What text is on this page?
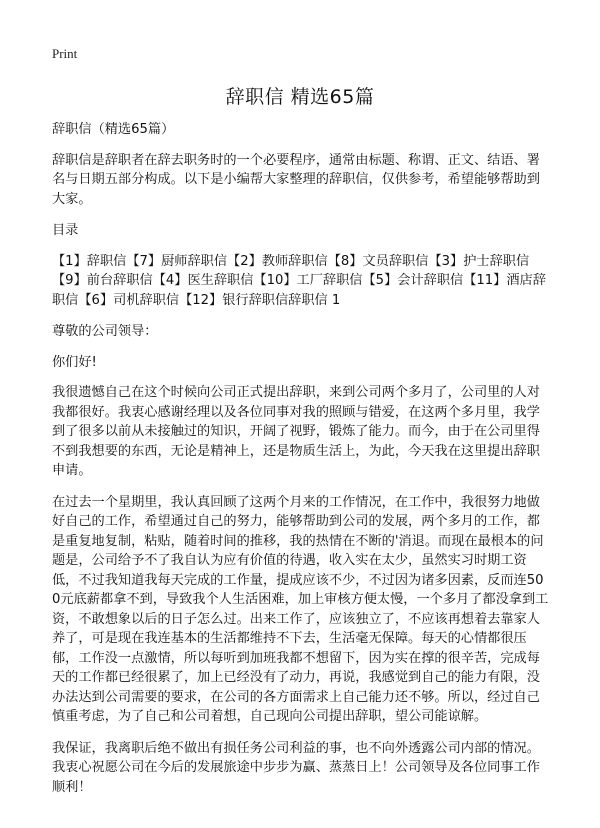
Print
辞职信 精选65篇

辞职信（精选65篇）

辞职信是辞职者在辞去职务时的一个必要程序，通常由标题、称谓、正文、结语、署名与日期五部分构成。以下是小编帮大家整理的辞职信，仅供参考，希望能够帮助到大家。

目录

【1】辞职信【7】厨师辞职信【2】教师辞职信【8】文员辞职信【3】护士辞职信【9】前台辞职信【4】医生辞职信【10】工厂辞职信【5】会计辞职信【11】酒店辞职信【6】司机辞职信【12】银行辞职信辞职信 1

尊敬的公司领导：

你们好!

我很遗憾自己在这个时候向公司正式提出辞职，来到公司两个多月了，公司里的人对我都很好。我衷心感谢经理以及各位同事对我的照顾与错爱，在这两个多月里，我学到了很多以前从未接触过的知识，开阔了视野，锻炼了能力。而今，由于在公司里得不到我想要的东西，无论是精神上，还是物质生活上，为此，今天我在这里提出辞职申请。

在过去一个星期里，我认真回顾了这两个月来的工作情况，在工作中，我很努力地做好自己的工作，希望通过自己的努力，能够帮助到公司的发展，两个多月的工作，都是重复地复制，粘贴，随着时间的推移，我的热情在不断的'消退。而现在最根本的问题是，公司给予不了我自认为应有价值的待遇，收入实在太少，虽然实习时期工资低，不过我知道我每天完成的工作量，提成应该不少，不过因为诸多因素，反而连500元底薪都拿不到，导致我个人生活困难，加上审核方便太慢，一个多月了都没拿到工资，不敢想象以后的日子怎么过。出来工作了，应该独立了，不应该再想着去靠家人养了，可是现在我连基本的生活都维持不下去，生活毫无保障。每天的心情都很压郁，工作没一点激情，所以每听到加班我都不想留下，因为实在撑的很辛苦，完成每天的工作都已经很累了，加上已经没有了动力，再说，我感觉到自己的能力有限，没办法达到公司需要的要求，在公司的各方面需求上自己能力还不够。所以，经过自己慎重考虑，为了自己和公司着想，自己现向公司提出辞职，望公司能谅解。

我保证，我离职后绝不做出有损任务公司利益的事，也不向外透露公司内部的情况。我衷心祝愿公司在今后的发展旅途中步步为赢、蒸蒸日上！公司领导及各位同事工作顺利！
